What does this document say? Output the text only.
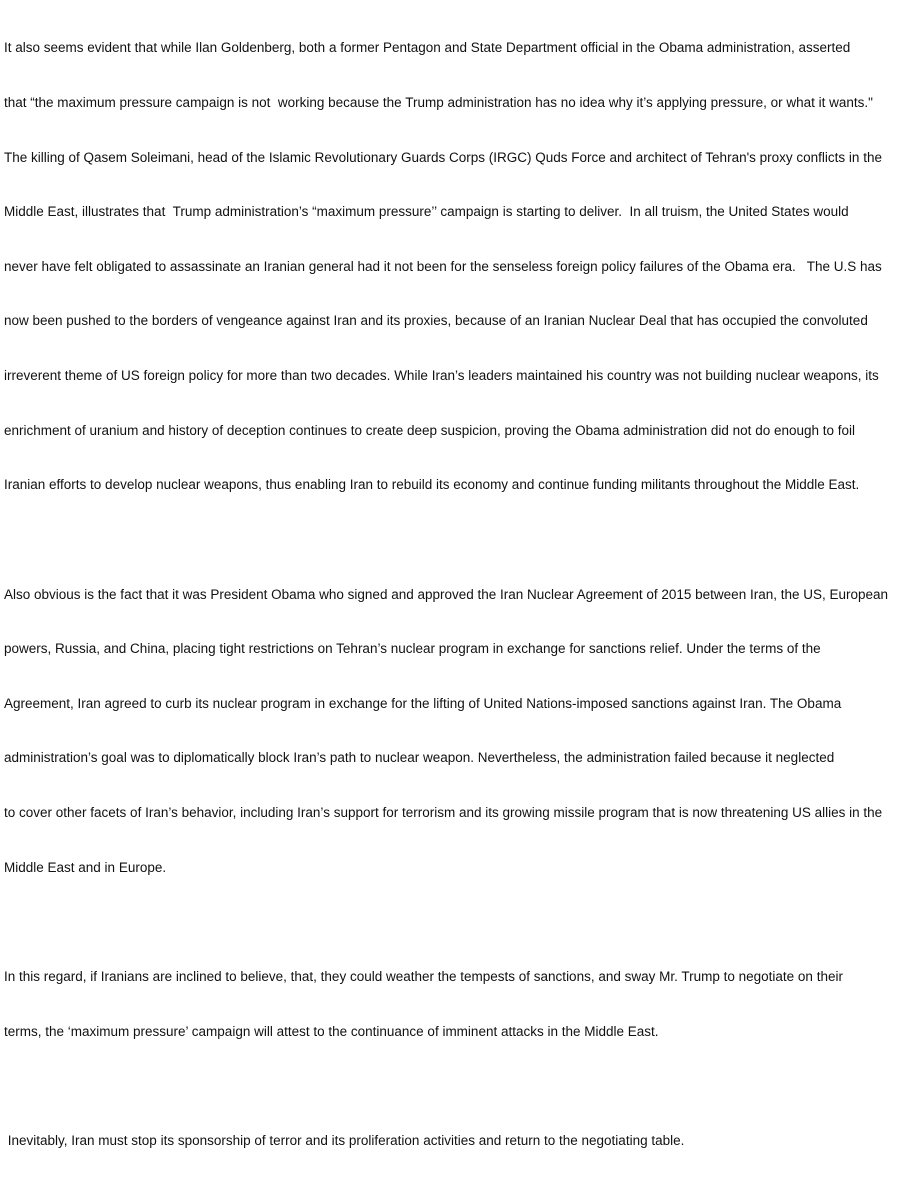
It also seems evident that while Ilan Goldenberg, both a former Pentagon and State Department official in the Obama administration, asserted

that “the maximum pressure campaign is not  working because the Trump administration has no idea why it’s applying pressure, or what it wants."

The killing of Qasem Soleimani, head of the Islamic Revolutionary Guards Corps (IRGC) Quds Force and architect of Tehran's proxy conflicts in the

Middle East, illustrates that  Trump administration’s “maximum pressure’’ campaign is starting to deliver.  In all truism, the United States would

never have felt obligated to assassinate an Iranian general had it not been for the senseless foreign policy failures of the Obama era.   The U.S has

now been pushed to the borders of vengeance against Iran and its proxies, because of an Iranian Nuclear Deal that has occupied the convoluted

irreverent theme of US foreign policy for more than two decades. While Iran’s leaders maintained his country was not building nuclear weapons, its

enrichment of uranium and history of deception continues to create deep suspicion, proving the Obama administration did not do enough to foil

Iranian efforts to develop nuclear weapons, thus enabling Iran to rebuild its economy and continue funding militants throughout the Middle East.

Also obvious is the fact that it was President Obama who signed and approved the Iran Nuclear Agreement of 2015 between Iran, the US, European

powers, Russia, and China, placing tight restrictions on Tehran’s nuclear program in exchange for sanctions relief. Under the terms of the

Agreement, Iran agreed to curb its nuclear program in exchange for the lifting of United Nations-imposed sanctions against Iran. The Obama

administration’s goal was to diplomatically block Iran’s path to nuclear weapon. Nevertheless, the administration failed because it neglected

to cover other facets of Iran’s behavior, including Iran’s support for terrorism and its growing missile program that is now threatening US allies in the

Middle East and in Europe.

In this regard, if Iranians are inclined to believe, that, they could weather the tempests of sanctions, and sway Mr. Trump to negotiate on their

terms, the ‘maximum pressure’ campaign will attest to the continuance of imminent attacks in the Middle East.

Inevitably, Iran must stop its sponsorship of terror and its proliferation activities and return to the negotiating table.
